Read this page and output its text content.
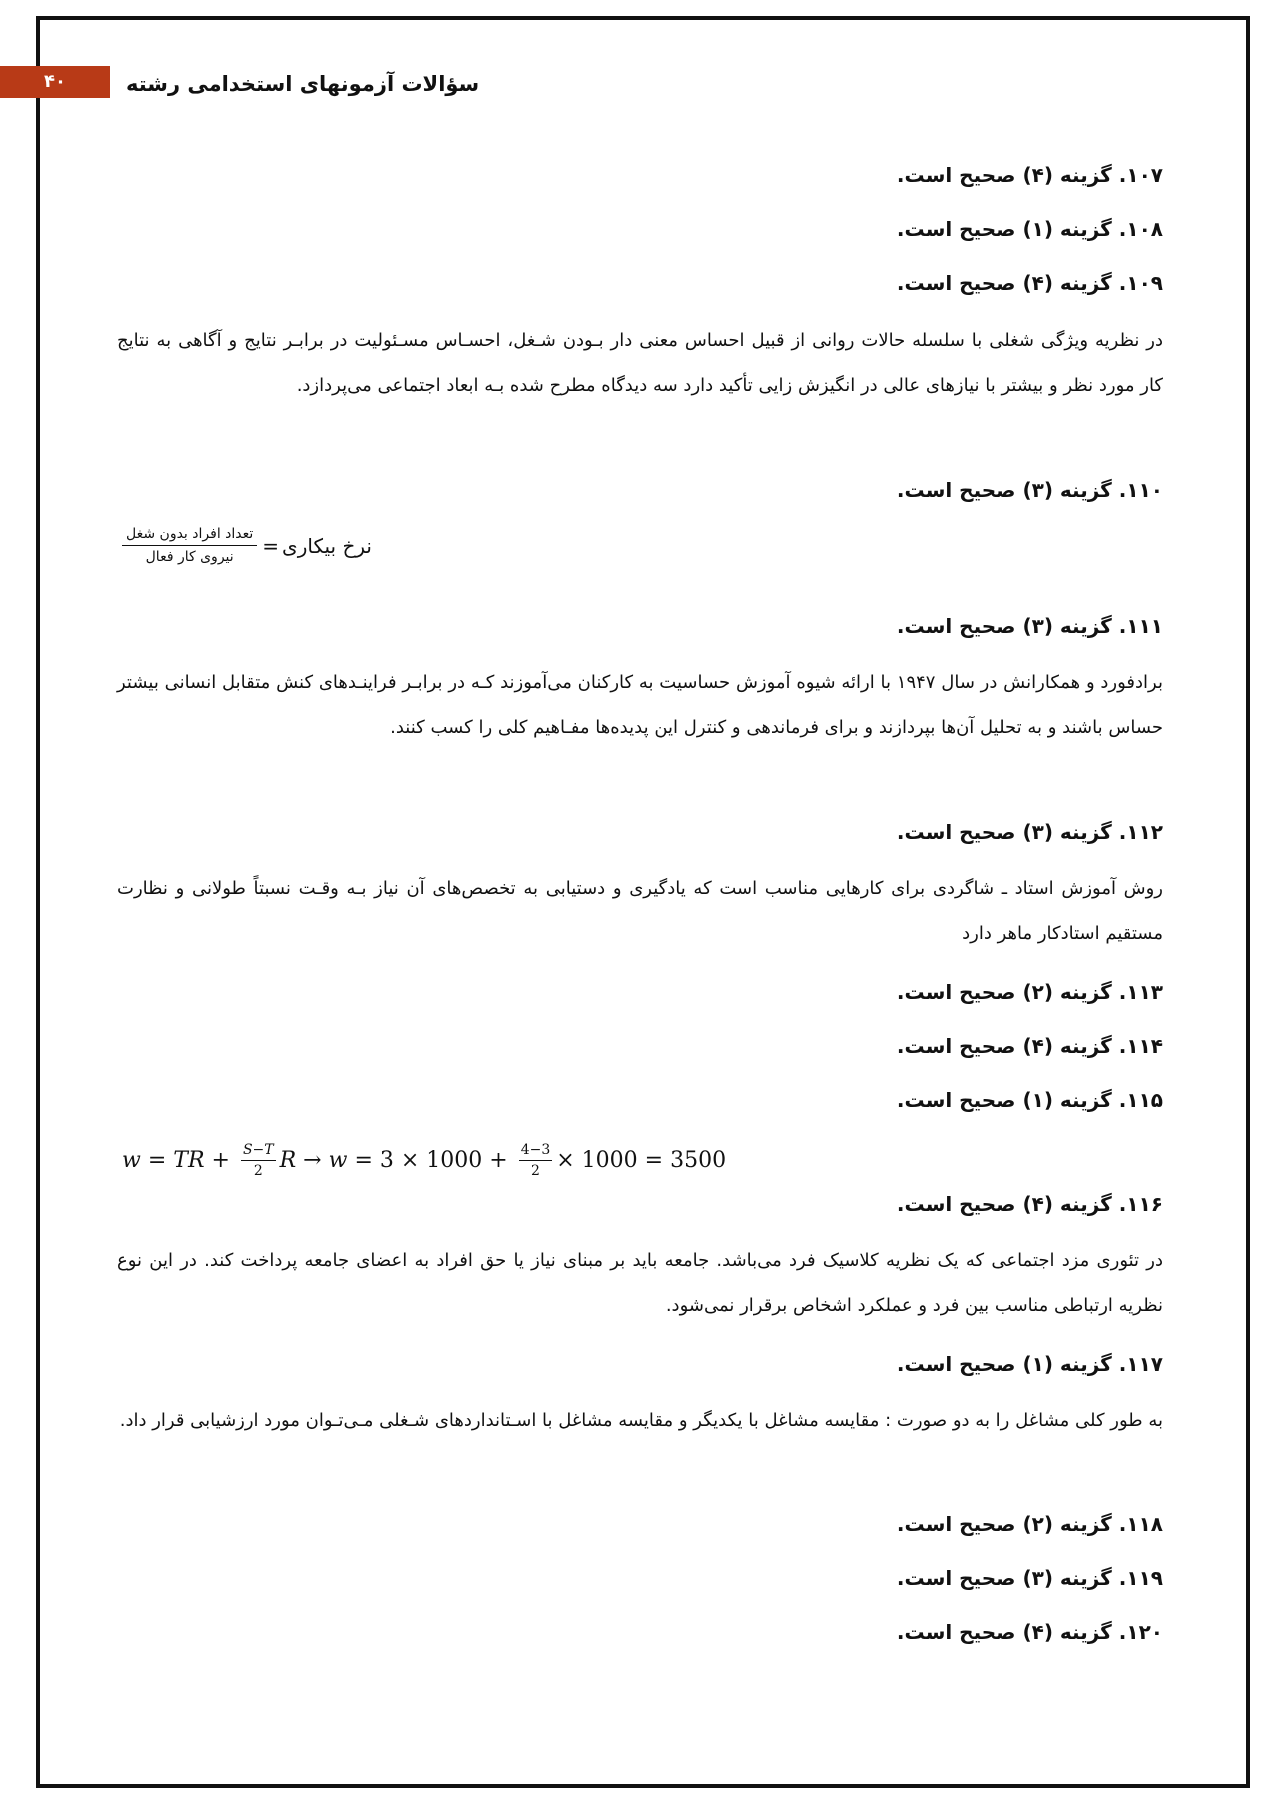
۴۰	سؤالات آزمونهای استخدامی رشته
۱۰۷. گزینه (۴) صحیح است.
۱۰۸. گزینه (۱) صحیح است.
۱۰۹. گزینه (۴) صحیح است.
در نظریه ویژگی شغلی با سلسله حالات روانی از قبیل احساس معنی دار بـودن شـغل، احسـاس مسـئولیت در برابـر نتایج و آگاهی به نتایج کار مورد نظر و بیشتر با نیازهای عالی در انگیزش زایی تأکید دارد سه دیدگاه مطرح شده بـه ابعاد اجتماعی می‌پردازد.
۱۱۰. گزینه (۳) صحیح است.
نرخ بیکاری
=
$\frac{\text{تعداد افراد بدون شغل}}{\text{نیروی کار فعال}}$
۱۱۱. گزینه (۳) صحیح است.
برادفورد و همکارانش در سال ۱۹۴۷ با ارائه شیوه آموزش حساسیت به کارکنان می‌آموزند کـه در برابـر فراینـدهای کنش متقابل انسانی بیشتر حساس باشند و به تحلیل آن‌ها بپردازند و برای فرماندهی و کنترل این پدیده‌ها مفـاهیم کلی را کسب کنند.
۱۱۲. گزینه (۳) صحیح است.
روش آموزش استاد ـ شاگردی برای کارهایی مناسب است که یادگیری و دستیابی به تخصص‌های آن نیاز بـه وقـت نسبتاً طولانی و نظارت مستقیم استادکار ماهر دارد
۱۱۳. گزینه (۲) صحیح است.
۱۱۴. گزینه (۴) صحیح است.
۱۱۵. گزینه (۱) صحیح است.
w = TR + $\frac{S-T}{2}$ $R \to w = 3 \times 1000 + \frac{4-3}{2} \times 1000 = 3500$
۱۱۶. گزینه (۴) صحیح است.
در تئوری مزد اجتماعی که یک نظریه کلاسیک فرد می‌باشد. جامعه باید بر مبنای نیاز یا حق افراد به اعضای جامعه پرداخت کند. در این نوع نظریه ارتباطی مناسب بین فرد و عملکرد اشخاص برقرار نمی‌شود.
۱۱۷. گزینه (۱) صحیح است.
به طور کلی مشاغل را به دو صورت : مقایسه مشاغل با یکدیگر و مقایسه مشاغل با اسـتانداردهای شـغلی مـی‌تـوان مورد ارزشیابی قرار داد.
۱۱۸. گزینه (۲) صحیح است.
۱۱۹. گزینه (۳) صحیح است.
۱۲۰. گزینه (۴) صحیح است.
